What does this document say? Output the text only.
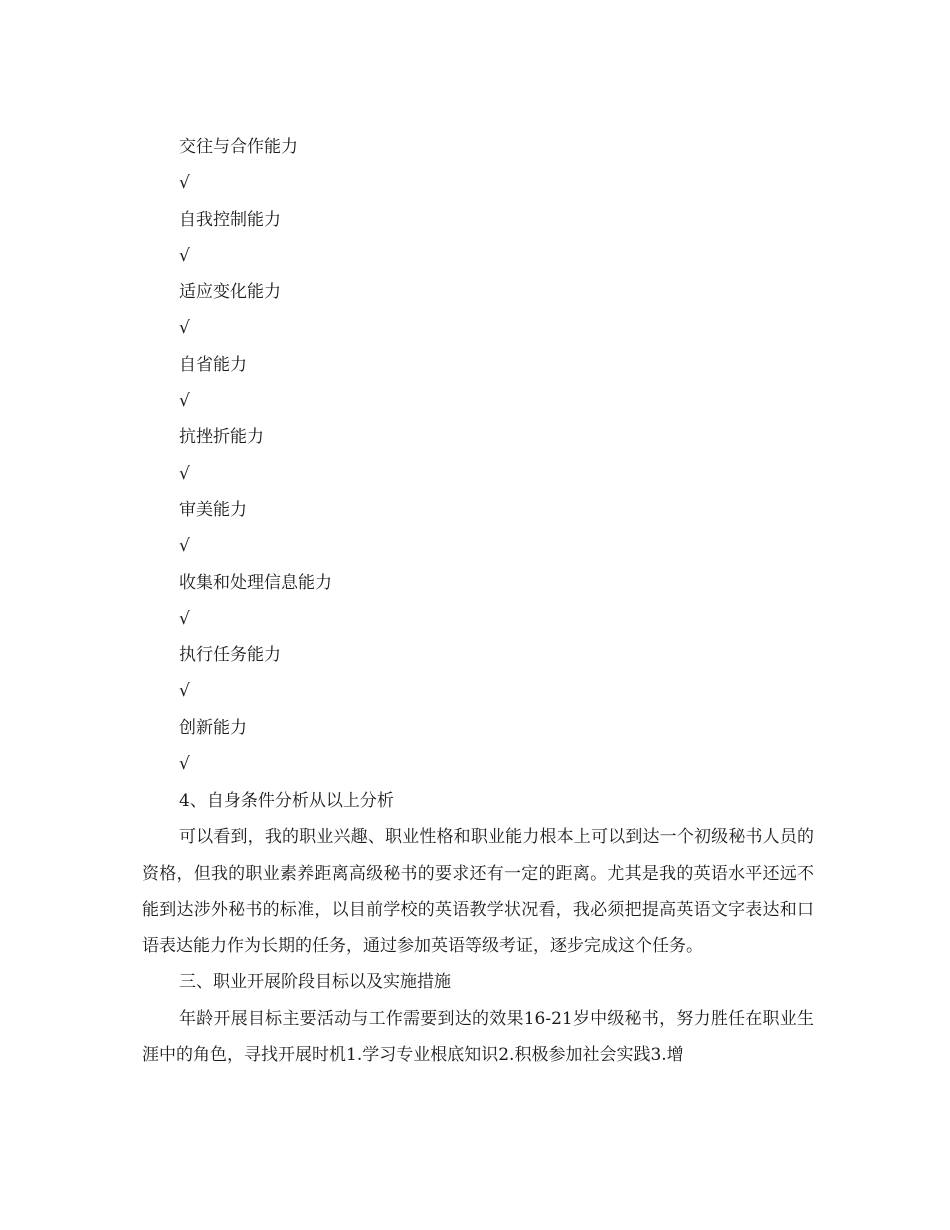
交往与合作能力
√
自我控制能力
√
适应变化能力
√
自省能力
√
抗挫折能力
√
审美能力
√
收集和处理信息能力
√
执行任务能力
√
创新能力
√

4、自身条件分析从以上分析

可以看到，我的职业兴趣、职业性格和职业能力根本上可以到达一个初级秘书人员的资格，但我的职业素养距离高级秘书的要求还有一定的距离。尤其是我的英语水平还远不能到达涉外秘书的标准，以目前学校的英语教学状况看，我必须把提高英语文字表达和口语表达能力作为长期的任务，通过参加英语等级考证，逐步完成这个任务。

三、职业开展阶段目标以及实施措施

年龄开展目标主要活动与工作需要到达的效果16-21岁中级秘书，努力胜任在职业生涯中的角色，寻找开展时机1.学习专业根底知识2.积极参加社会实践3.增
